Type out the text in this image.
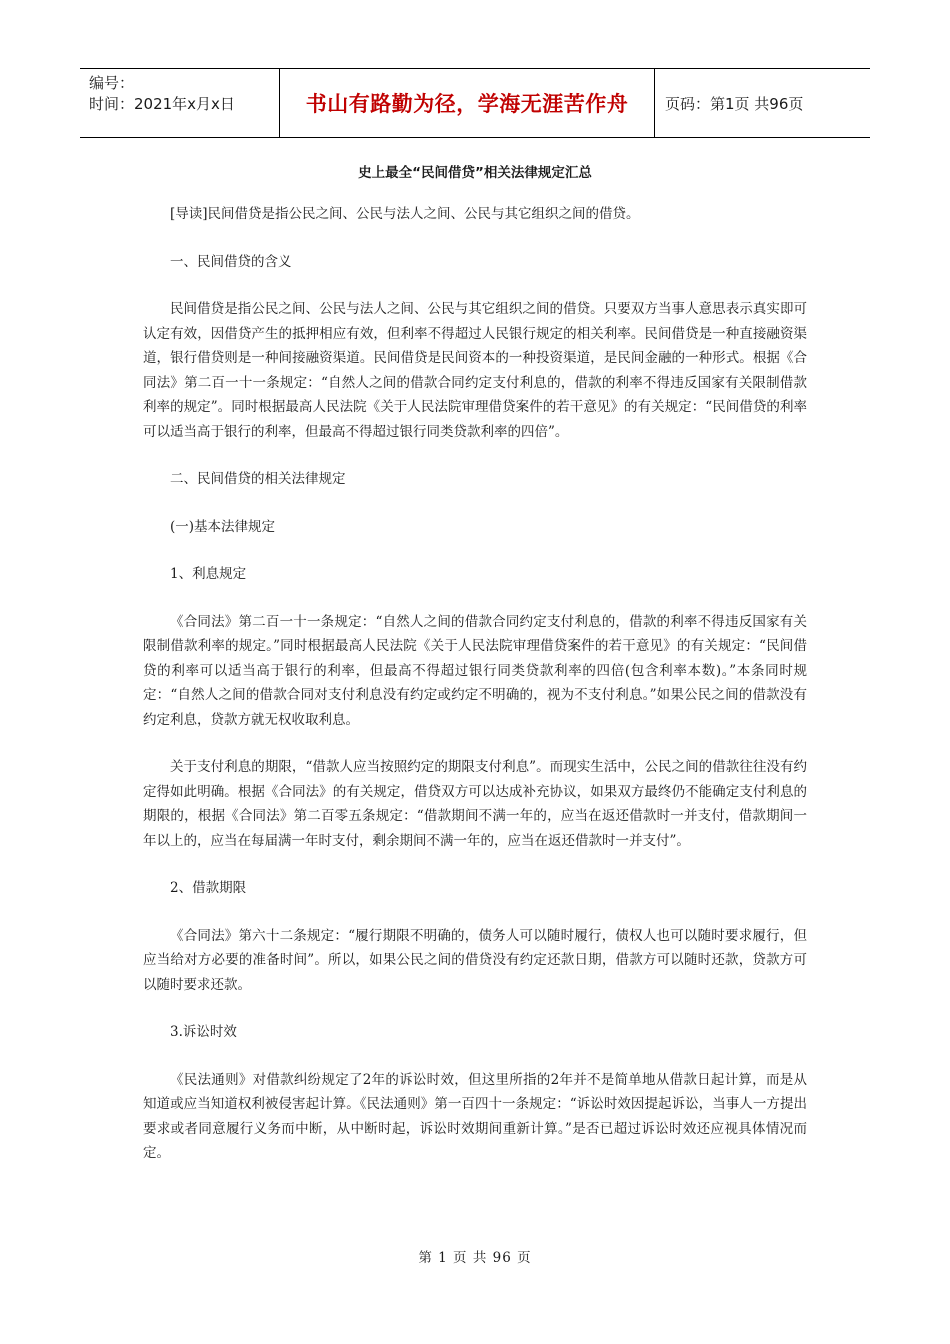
编号：
时间：2021年x月x日	书山有路勤为径，学海无涯苦作舟	页码：第1页 共96页
史上最全“民间借贷”相关法律规定汇总
[导读]民间借贷是指公民之间、公民与法人之间、公民与其它组织之间的借贷。
一、民间借贷的含义
民间借贷是指公民之间、公民与法人之间、公民与其它组织之间的借贷。只要双方当事人意思表示真实即可认定有效，因借贷产生的抵押相应有效，但利率不得超过人民银行规定的相关利率。民间借贷是一种直接融资渠道，银行借贷则是一种间接融资渠道。民间借贷是民间资本的一种投资渠道，是民间金融的一种形式。根据《合同法》第二百一十一条规定：“自然人之间的借款合同约定支付利息的，借款的利率不得违反国家有关限制借款利率的规定”。同时根据最高人民法院《关于人民法院审理借贷案件的若干意见》的有关规定：“民间借贷的利率可以适当高于银行的利率，但最高不得超过银行同类贷款利率的四倍”。
二、民间借贷的相关法律规定
(一)基本法律规定
1、利息规定
《合同法》第二百一十一条规定：“自然人之间的借款合同约定支付利息的，借款的利率不得违反国家有关限制借款利率的规定。”同时根据最高人民法院《关于人民法院审理借贷案件的若干意见》的有关规定：“民间借贷的利率可以适当高于银行的利率，但最高不得超过银行同类贷款利率的四倍(包含利率本数)。”本条同时规定：“自然人之间的借款合同对支付利息没有约定或约定不明确的，视为不支付利息。”如果公民之间的借款没有约定利息，贷款方就无权收取利息。
关于支付利息的期限，“借款人应当按照约定的期限支付利息”。而现实生活中，公民之间的借款往往没有约定得如此明确。根据《合同法》的有关规定，借贷双方可以达成补充协议，如果双方最终仍不能确定支付利息的期限的，根据《合同法》第二百零五条规定：“借款期间不满一年的，应当在返还借款时一并支付，借款期间一年以上的，应当在每届满一年时支付，剩余期间不满一年的，应当在返还借款时一并支付”。
2、借款期限
《合同法》第六十二条规定：“履行期限不明确的，债务人可以随时履行，债权人也可以随时要求履行，但应当给对方必要的准备时间”。所以，如果公民之间的借贷没有约定还款日期，借款方可以随时还款，贷款方可以随时要求还款。
3.诉讼时效
《民法通则》对借款纠纷规定了2年的诉讼时效，但这里所指的2年并不是简单地从借款日起计算，而是从知道或应当知道权利被侵害起计算。《民法通则》第一百四十一条规定：“诉讼时效因提起诉讼，当事人一方提出要求或者同意履行义务而中断，从中断时起，诉讼时效期间重新计算。”是否已超过诉讼时效还应视具体情况而定。
第 1 页 共 96 页
